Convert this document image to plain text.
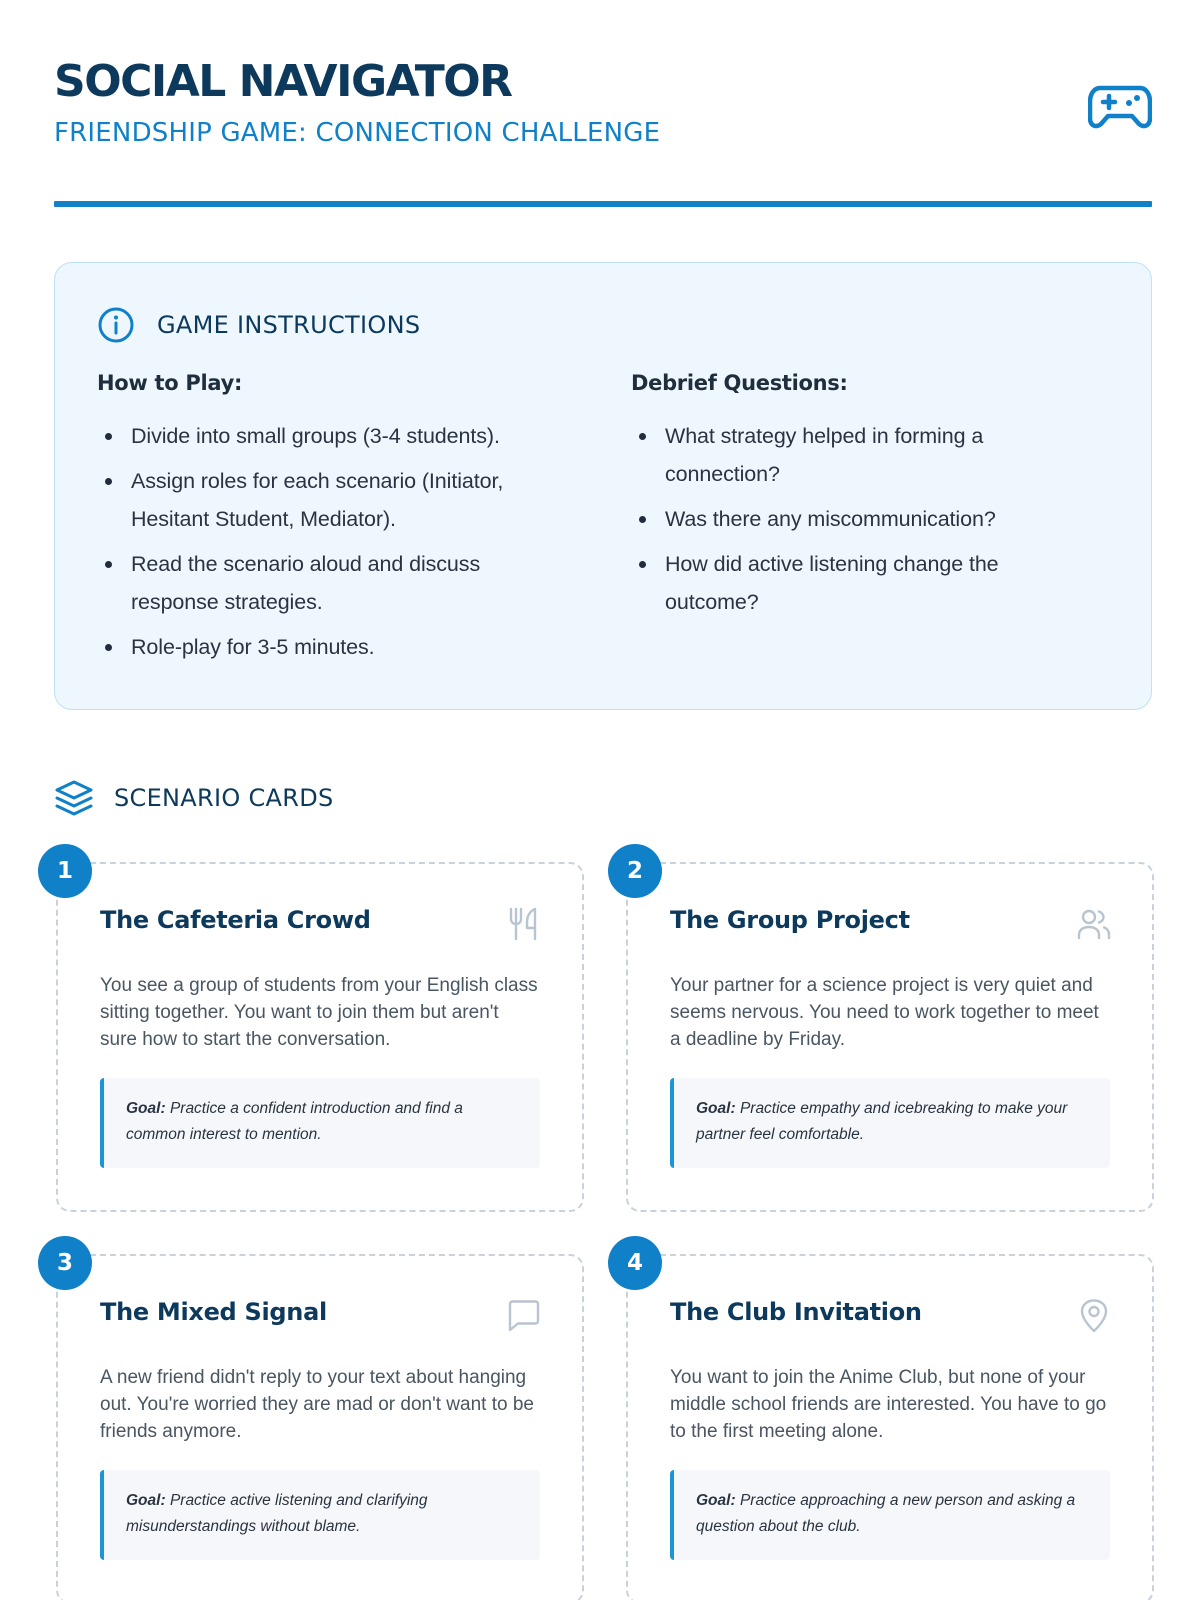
SOCIAL NAVIGATOR
FRIENDSHIP GAME: CONNECTION CHALLENGE
GAME INSTRUCTIONS
How to Play:
Divide into small groups (3-4 students).
Assign roles for each scenario (Initiator, Hesitant Student, Mediator).
Read the scenario aloud and discuss response strategies.
Role-play for 3-5 minutes.
Debrief Questions:
What strategy helped in forming a connection?
Was there any miscommunication?
How did active listening change the outcome?
SCENARIO CARDS
1
The Cafeteria Crowd
You see a group of students from your English class sitting together. You want to join them but aren't sure how to start the conversation.
Goal: Practice a confident introduction and find a common interest to mention.
2
The Group Project
Your partner for a science project is very quiet and seems nervous. You need to work together to meet a deadline by Friday.
Goal: Practice empathy and icebreaking to make your partner feel comfortable.
3
The Mixed Signal
A new friend didn't reply to your text about hanging out. You're worried they are mad or don't want to be friends anymore.
Goal: Practice active listening and clarifying misunderstandings without blame.
4
The Club Invitation
You want to join the Anime Club, but none of your middle school friends are interested. You have to go to the first meeting alone.
Goal: Practice approaching a new person and asking a question about the club.
